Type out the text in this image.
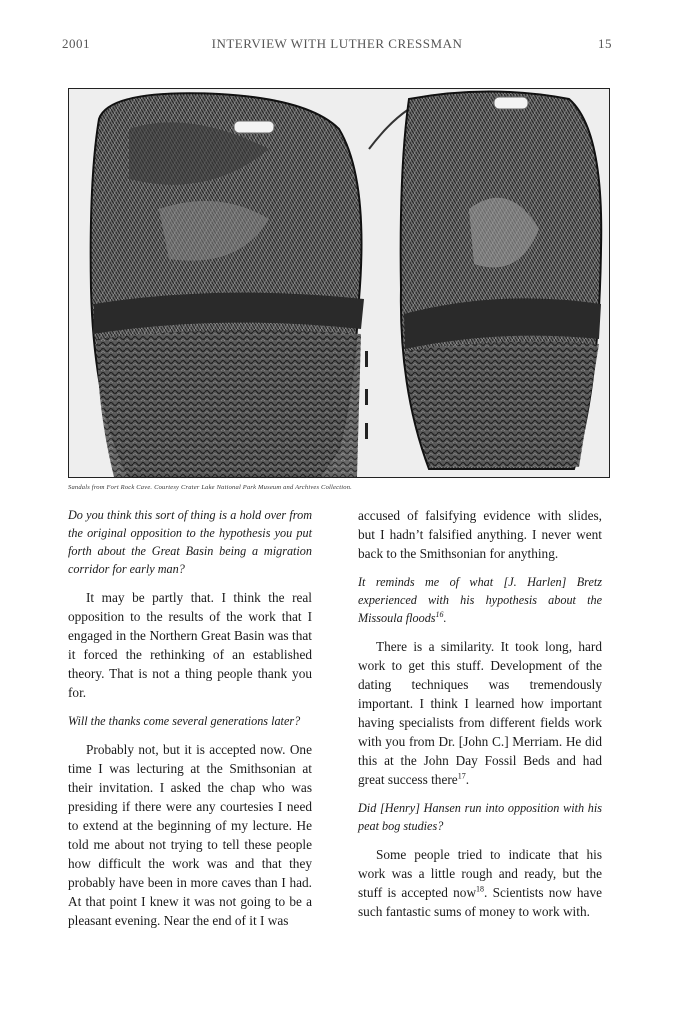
2001	INTERVIEW WITH LUTHER CRESSMAN	15
Sandals from Fort Rock Cave. Courtesy Crater Lake National Park Museum and Archives Collection.

Do you think this sort of thing is a hold over from the original opposition to the hypothesis you put forth about the Great Basin being a migration corridor for early man?

It may be partly that. I think the real opposition to the results of the work that I engaged in the Northern Great Basin was that it forced the rethinking of an established theory. That is not a thing people thank you for.

Will the thanks come several generations later?

Probably not, but it is accepted now. One time I was lecturing at the Smithsonian at their invitation. I asked the chap who was presiding if there were any courtesies I need to extend at the beginning of my lecture. He told me about not trying to tell these people how difficult the work was and that they probably have been in more caves than I had. At that point I knew it was not going to be a pleasant evening. Near the end of it I was

accused of falsifying evidence with slides, but I hadn’t falsified anything. I never went back to the Smithsonian for anything.

It reminds me of what [J. Harlen] Bretz experienced with his hypothesis about the Missoula floods$^{16}$.

There is a similarity. It took long, hard work to get this stuff. Development of the dating techniques was tremendously important. I think I learned how important having specialists from different fields work with you from Dr. [John C.] Merriam. He did this at the John Day Fossil Beds and had great success there$^{17}$.

Did [Henry] Hansen run into opposition with his peat bog studies?

Some people tried to indicate that his work was a little rough and ready, but the stuff is accepted now$^{18}$. Scientists now have such fantastic sums of money to work with.
